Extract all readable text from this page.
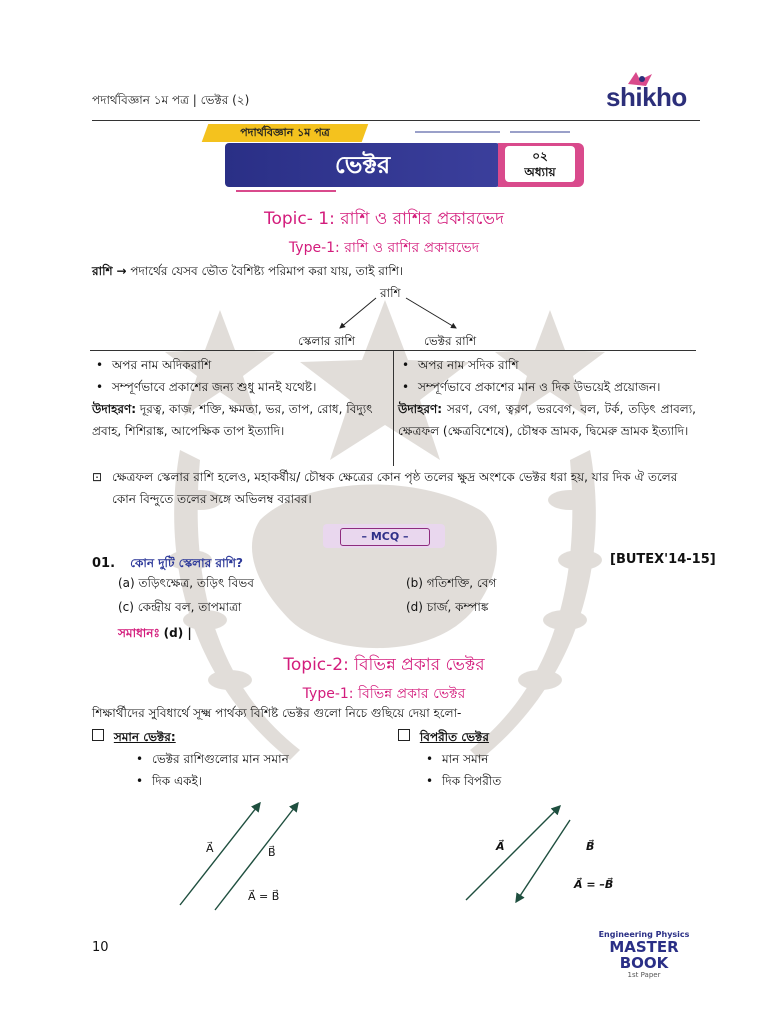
পদার্থবিজ্ঞান ১ম পত্র | ভেক্টর (২)	shikho
পদার্থবিজ্ঞান ১ম পত্র
ভেক্টর	০২
অধ্যায়
Topic- 1: রাশি ও রাশির প্রকারভেদ
Type-1: রাশি ও রাশির প্রকারভেদ
রাশি → পদার্থের যেসব ভৌত বৈশিষ্ট্য পরিমাপ করা যায়, তাই রাশি।
রাশি
স্কেলার রাশি	ভেক্টর রাশি
• অপর নাম অদিকরাশি
• সম্পূর্ণভাবে প্রকাশের জন্য শুধু মানই যথেষ্ট।
উদাহরণ: দূরত্ব, কাজ, শক্তি, ক্ষমতা, ভর, তাপ, রোধ, বিদ্যুৎ প্রবাহ, শিশিরাঙ্ক, আপেক্ষিক তাপ ইত্যাদি।
• অপর নাম সদিক রাশি
• সম্পূর্ণভাবে প্রকাশের মান ও দিক উভয়েই প্রয়োজন।
উদাহরণ: সরণ, বেগ, ত্বরণ, ভরবেগ, বল, টর্ক, তড়িৎ প্রাবল্য, ক্ষেত্রফল (ক্ষেত্রবিশেষে), চৌম্বক ভ্রামক, দ্বিমেরু ভ্রামক ইত্যাদি।
⊡ ক্ষেত্রফল স্কেলার রাশি হলেও, মহাকর্ষীয়/ চৌম্বক ক্ষেত্রের কোন পৃষ্ঠ তলের ক্ষুদ্র অংশকে ভেক্টর ধরা হয়, যার দিক ঐ তলের কোন বিন্দুতে তলের সঙ্গে অভিলম্ব বরাবর।
– MCQ –
01. কোন দুটি স্কেলার রাশি?	[BUTEX'14-15]
(a) তড়িৎক্ষেত্র, তড়িৎ বিভব	(b) গতিশক্তি, বেগ
(c) কেন্দ্রীয় বল, তাপমাত্রা	(d) চার্জ, কম্পাঙ্ক
সমাধানঃ (d) |
Topic-2: বিভিন্ন প্রকার ভেক্টর
Type-1: বিভিন্ন প্রকার ভেক্টর
শিক্ষার্থীদের সুবিধার্থে সূক্ষ্ম পার্থক্য বিশিষ্ট ভেক্টর গুলো নিচে গুছিয়ে দেয়া হলো-
সমান ভেক্টর:
• ভেক্টর রাশিগুলোর মান সমান
• দিক একই।
বিপরীত ভেক্টর
• মান সমান
• দিক বিপরীত
A⃗	B⃗
A⃗ = B⃗
A⃗	B⃗
A⃗ = –B⃗
10
Engineering Physics
MASTER BOOK
1st Paper
